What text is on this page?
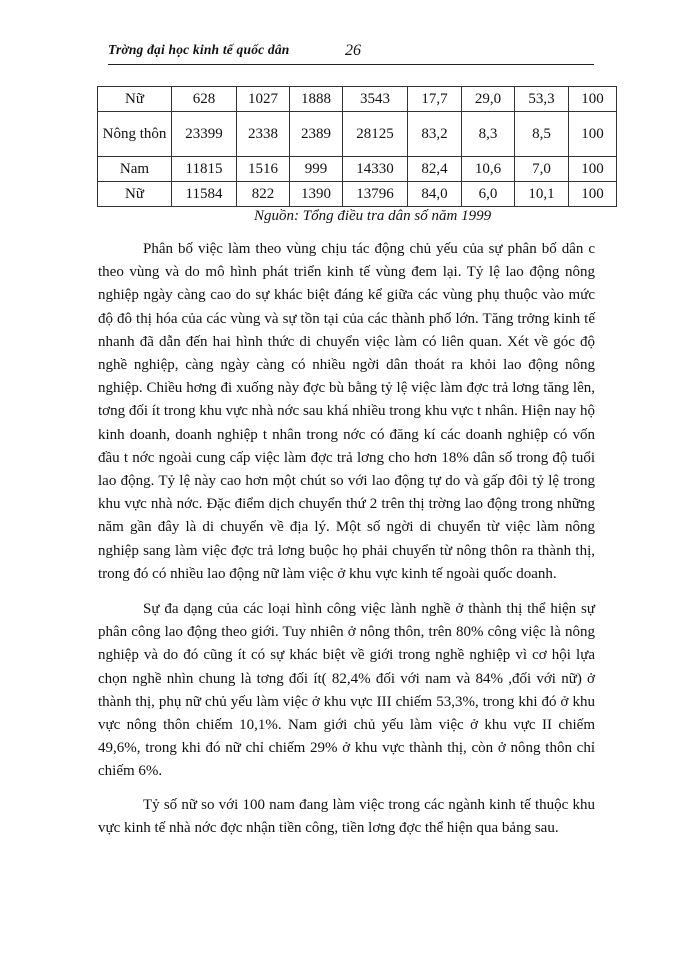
Trờng đại học kinh tế quốc dân	26
Nữ	628	1027	1888	3543	17,7	29,0	53,3	100
Nông thôn	23399	2338	2389	28125	83,2	8,3	8,5	100
Nam	11815	1516	999	14330	82,4	10,6	7,0	100
Nữ	11584	822	1390	13796	84,0	6,0	10,1	100
Nguồn: Tổng điều tra dân số năm 1999

Phân bố việc làm theo vùng chịu tác động chủ yếu của sự phân bố dân c theo vùng và do mô hình phát triển kinh tế vùng đem lại. Tỷ lệ lao động nông nghiệp ngày càng cao do sự khác biệt đáng kể giữa các vùng phụ thuộc vào mức độ đô thị hóa của các vùng và sự tồn tại của các thành phố lớn. Tăng trởng kinh tế nhanh đã dẫn đến hai hình thức di chuyển việc làm có liên quan. Xét về góc độ nghề nghiệp, càng ngày càng có nhiều ngời dân thoát ra khỏi lao động nông nghiệp. Chiều hơng đi xuống này đợc bù bằng tỷ lệ việc làm đợc trả lơng tăng lên, tơng đối ít trong khu vực nhà nớc sau khá nhiều trong khu vực t nhân. Hiện nay hộ kinh doanh, doanh nghiệp t nhân trong nớc có đăng kí các doanh nghiệp có vốn đầu t nớc ngoài cung cấp việc làm đợc trả lơng cho hơn 18% dân số trong độ tuổi lao động. Tỷ lệ này cao hơn một chút so với lao động tự do và gấp đôi tỷ lệ trong khu vực nhà nớc. Đặc điểm dịch chuyển thứ 2 trên thị trờng lao động trong những năm gần đây là di chuyển về địa lý. Một số ngời di chuyển từ việc làm nông nghiệp sang làm việc đợc trả lơng buộc họ phải chuyển từ nông thôn ra thành thị, trong đó có nhiều lao động nữ làm việc ở khu vực kinh tế ngoài quốc doanh.

Sự đa dạng của các loại hình công việc lành nghề ở thành thị thể hiện sự phân công lao động theo giới. Tuy nhiên ở nông thôn, trên 80% công việc là nông nghiệp và do đó cũng ít có sự khác biệt về giới trong nghề nghiệp vì cơ hội lựa chọn nghề nhìn chung là tơng đối ít( 82,4% đối với nam và 84% ,đối với nữ) ở thành thị, phụ nữ chủ yếu làm việc ở khu vực III chiếm 53,3%, trong khi đó ở khu vực nông thôn chiếm 10,1%. Nam giới chủ yếu làm việc ở khu vực II chiếm 49,6%, trong khi đó nữ chỉ chiếm 29% ở khu vực thành thị, còn ở nông thôn chỉ chiếm 6%.

Tỷ số nữ so với 100 nam đang làm việc trong các ngành kinh tế thuộc khu vực kinh tế nhà nớc đợc nhận tiền công, tiền lơng đợc thể hiện qua bảng sau.
